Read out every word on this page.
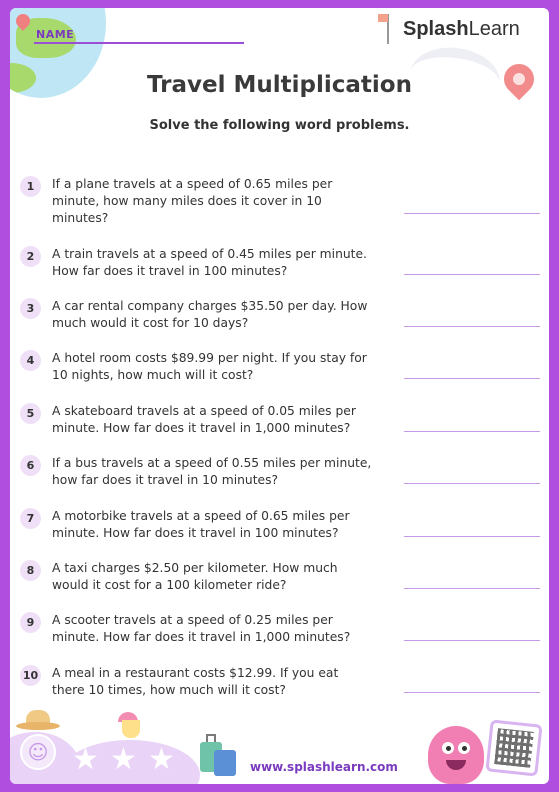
NAME	SplashLearn
Travel Multiplication
Solve the following word problems.
1	If a plane travels at a speed of 0.65 miles per minute, how many miles does it cover in 10 minutes?
2	A train travels at a speed of 0.45 miles per minute. How far does it travel in 100 minutes?
3	A car rental company charges $35.50 per day. How much would it cost for 10 days?
4	A hotel room costs $89.99 per night. If you stay for 10 nights, how much will it cost?
5	A skateboard travels at a speed of 0.05 miles per minute. How far does it travel in 1,000 minutes?
6	If a bus travels at a speed of 0.55 miles per minute, how far does it travel in 10 minutes?
7	A motorbike travels at a speed of 0.65 miles per minute. How far does it travel in 100 minutes?
8	A taxi charges $2.50 per kilometer. How much would it cost for a 100 kilometer ride?
9	A scooter travels at a speed of 0.25 miles per minute. How far does it travel in 1,000 minutes?
10 A meal in a restaurant costs $12.99. If you eat there 10 times, how much will it cost?
☺ ★ ★ ★	www.splashlearn.com
